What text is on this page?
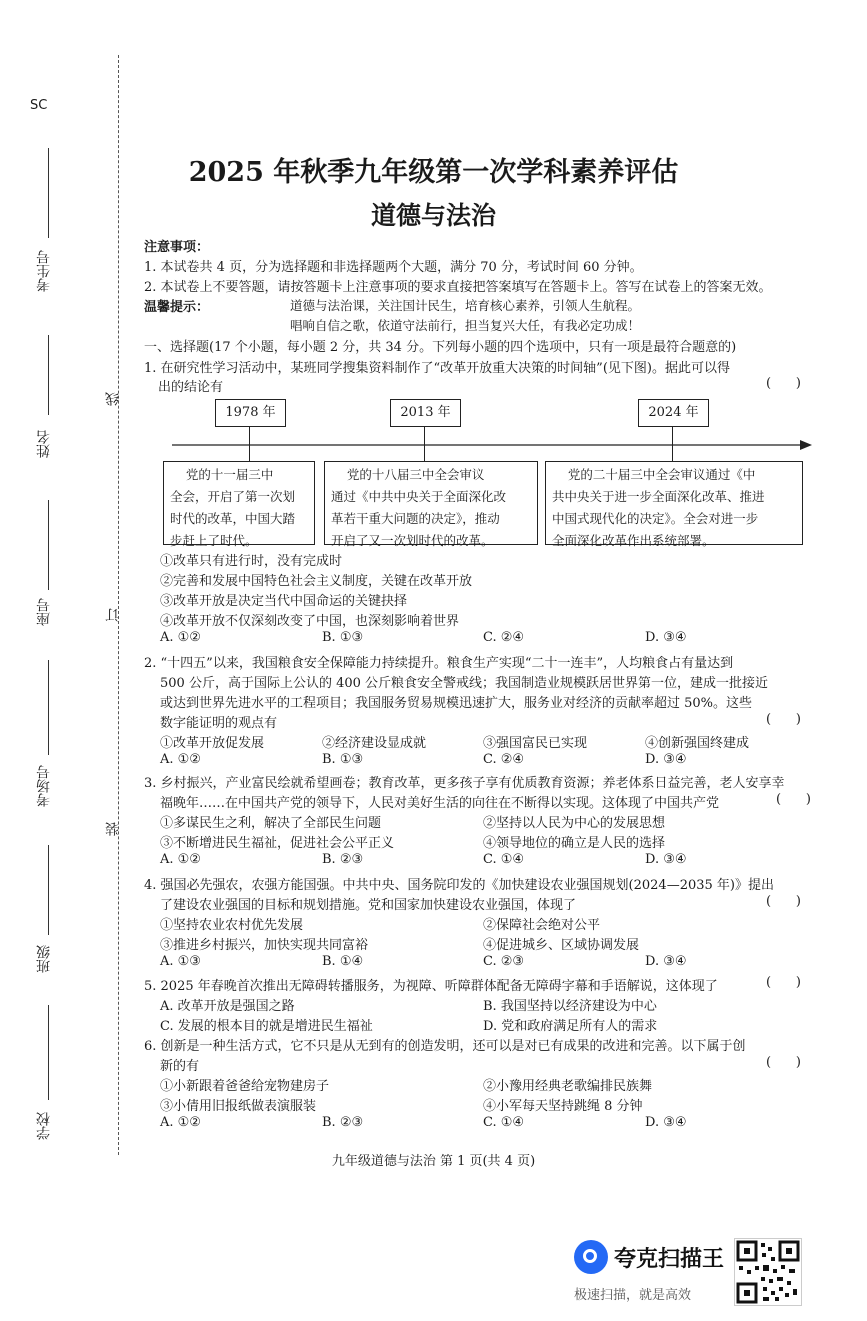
SC
考生号
姓名
座号
考场号
班级
学校
线
订
装
2025 年秋季九年级第一次学科素养评估
道德与法治
注意事项：
1. 本试卷共 4 页，分为选择题和非选择题两个大题，满分 70 分，考试时间 60 分钟。
2. 本试卷上不要答题，请按答题卡上注意事项的要求直接把答案填写在答题卡上。答写在试卷上的答案无效。
温馨提示：	道德与法治课，关注国计民生，培育核心素养，引领人生航程。
唱响自信之歌，依道守法前行，担当复兴大任，有我必定功成！
一、选择题(17 个小题，每小题 2 分，共 34 分。下列每小题的四个选项中，只有一项是最符合题意的)
1. 在研究性学习活动中，某班同学搜集资料制作了“改革开放重大决策的时间轴”(见下图)。据此可以得
出的结论有	(      )
1978 年	2013 年	2024 年
党的十一届三中
全会，开启了第一次划
时代的改革，中国大踏
步赶上了时代。
党的十八届三中全会审议
通过《中共中央关于全面深化改
革若干重大问题的决定》，推动
开启了又一次划时代的改革。
党的二十届三中全会审议通过《中
共中央关于进一步全面深化改革、推进
中国式现代化的决定》。全会对进一步
全面深化改革作出系统部署。
①改革只有进行时，没有完成时
②完善和发展中国特色社会主义制度，关键在改革开放
③改革开放是决定当代中国命运的关键抉择
④改革开放不仅深刻改变了中国，也深刻影响着世界
A. ①②	B. ①③	C. ②④	D. ③④
2. “十四五”以来，我国粮食安全保障能力持续提升。粮食生产实现“二十一连丰”，人均粮食占有量达到
500 公斤，高于国际上公认的 400 公斤粮食安全警戒线；我国制造业规模跃居世界第一位，建成一批接近
或达到世界先进水平的工程项目；我国服务贸易规模迅速扩大，服务业对经济的贡献率超过 50%。这些
数字能证明的观点有	(      )
①改革开放促发展	②经济建设显成就	③强国富民已实现	④创新强国终建成
A. ①②	B. ①③	C. ②④	D. ③④
3. 乡村振兴，产业富民绘就希望画卷；教育改革，更多孩子享有优质教育资源；养老体系日益完善，老人安享幸
福晚年……在中国共产党的领导下，人民对美好生活的向往在不断得以实现。这体现了中国共产党	(      )
①多谋民生之利，解决了全部民生问题	②坚持以人民为中心的发展思想
③不断增进民生福祉，促进社会公平正义	④领导地位的确立是人民的选择
A. ①②	B. ②③	C. ①④	D. ③④
4. 强国必先强农，农强方能国强。中共中央、国务院印发的《加快建设农业强国规划(2024—2035 年)》提出
了建设农业强国的目标和规划措施。党和国家加快建设农业强国，体现了	(      )
①坚持农业农村优先发展	②保障社会绝对公平
③推进乡村振兴，加快实现共同富裕	④促进城乡、区域协调发展
A. ①③	B. ①④	C. ②③	D. ③④
5. 2025 年春晚首次推出无障碍转播服务，为视障、听障群体配备无障碍字幕和手语解说，这体现了	(      )
A. 改革开放是强国之路	B. 我国坚持以经济建设为中心
C. 发展的根本目的就是增进民生福祉	D. 党和政府满足所有人的需求
6. 创新是一种生活方式，它不只是从无到有的创造发明，还可以是对已有成果的改进和完善。以下属于创
新的有	(      )
①小新跟着爸爸给宠物建房子	②小豫用经典老歌编排民族舞
③小倩用旧报纸做表演服装	④小军每天坚持跳绳 8 分钟
A. ①②	B. ②③	C. ①④	D. ③④
九年级道德与法治 第 1 页(共 4 页)
夸克扫描王
极速扫描，就是高效
